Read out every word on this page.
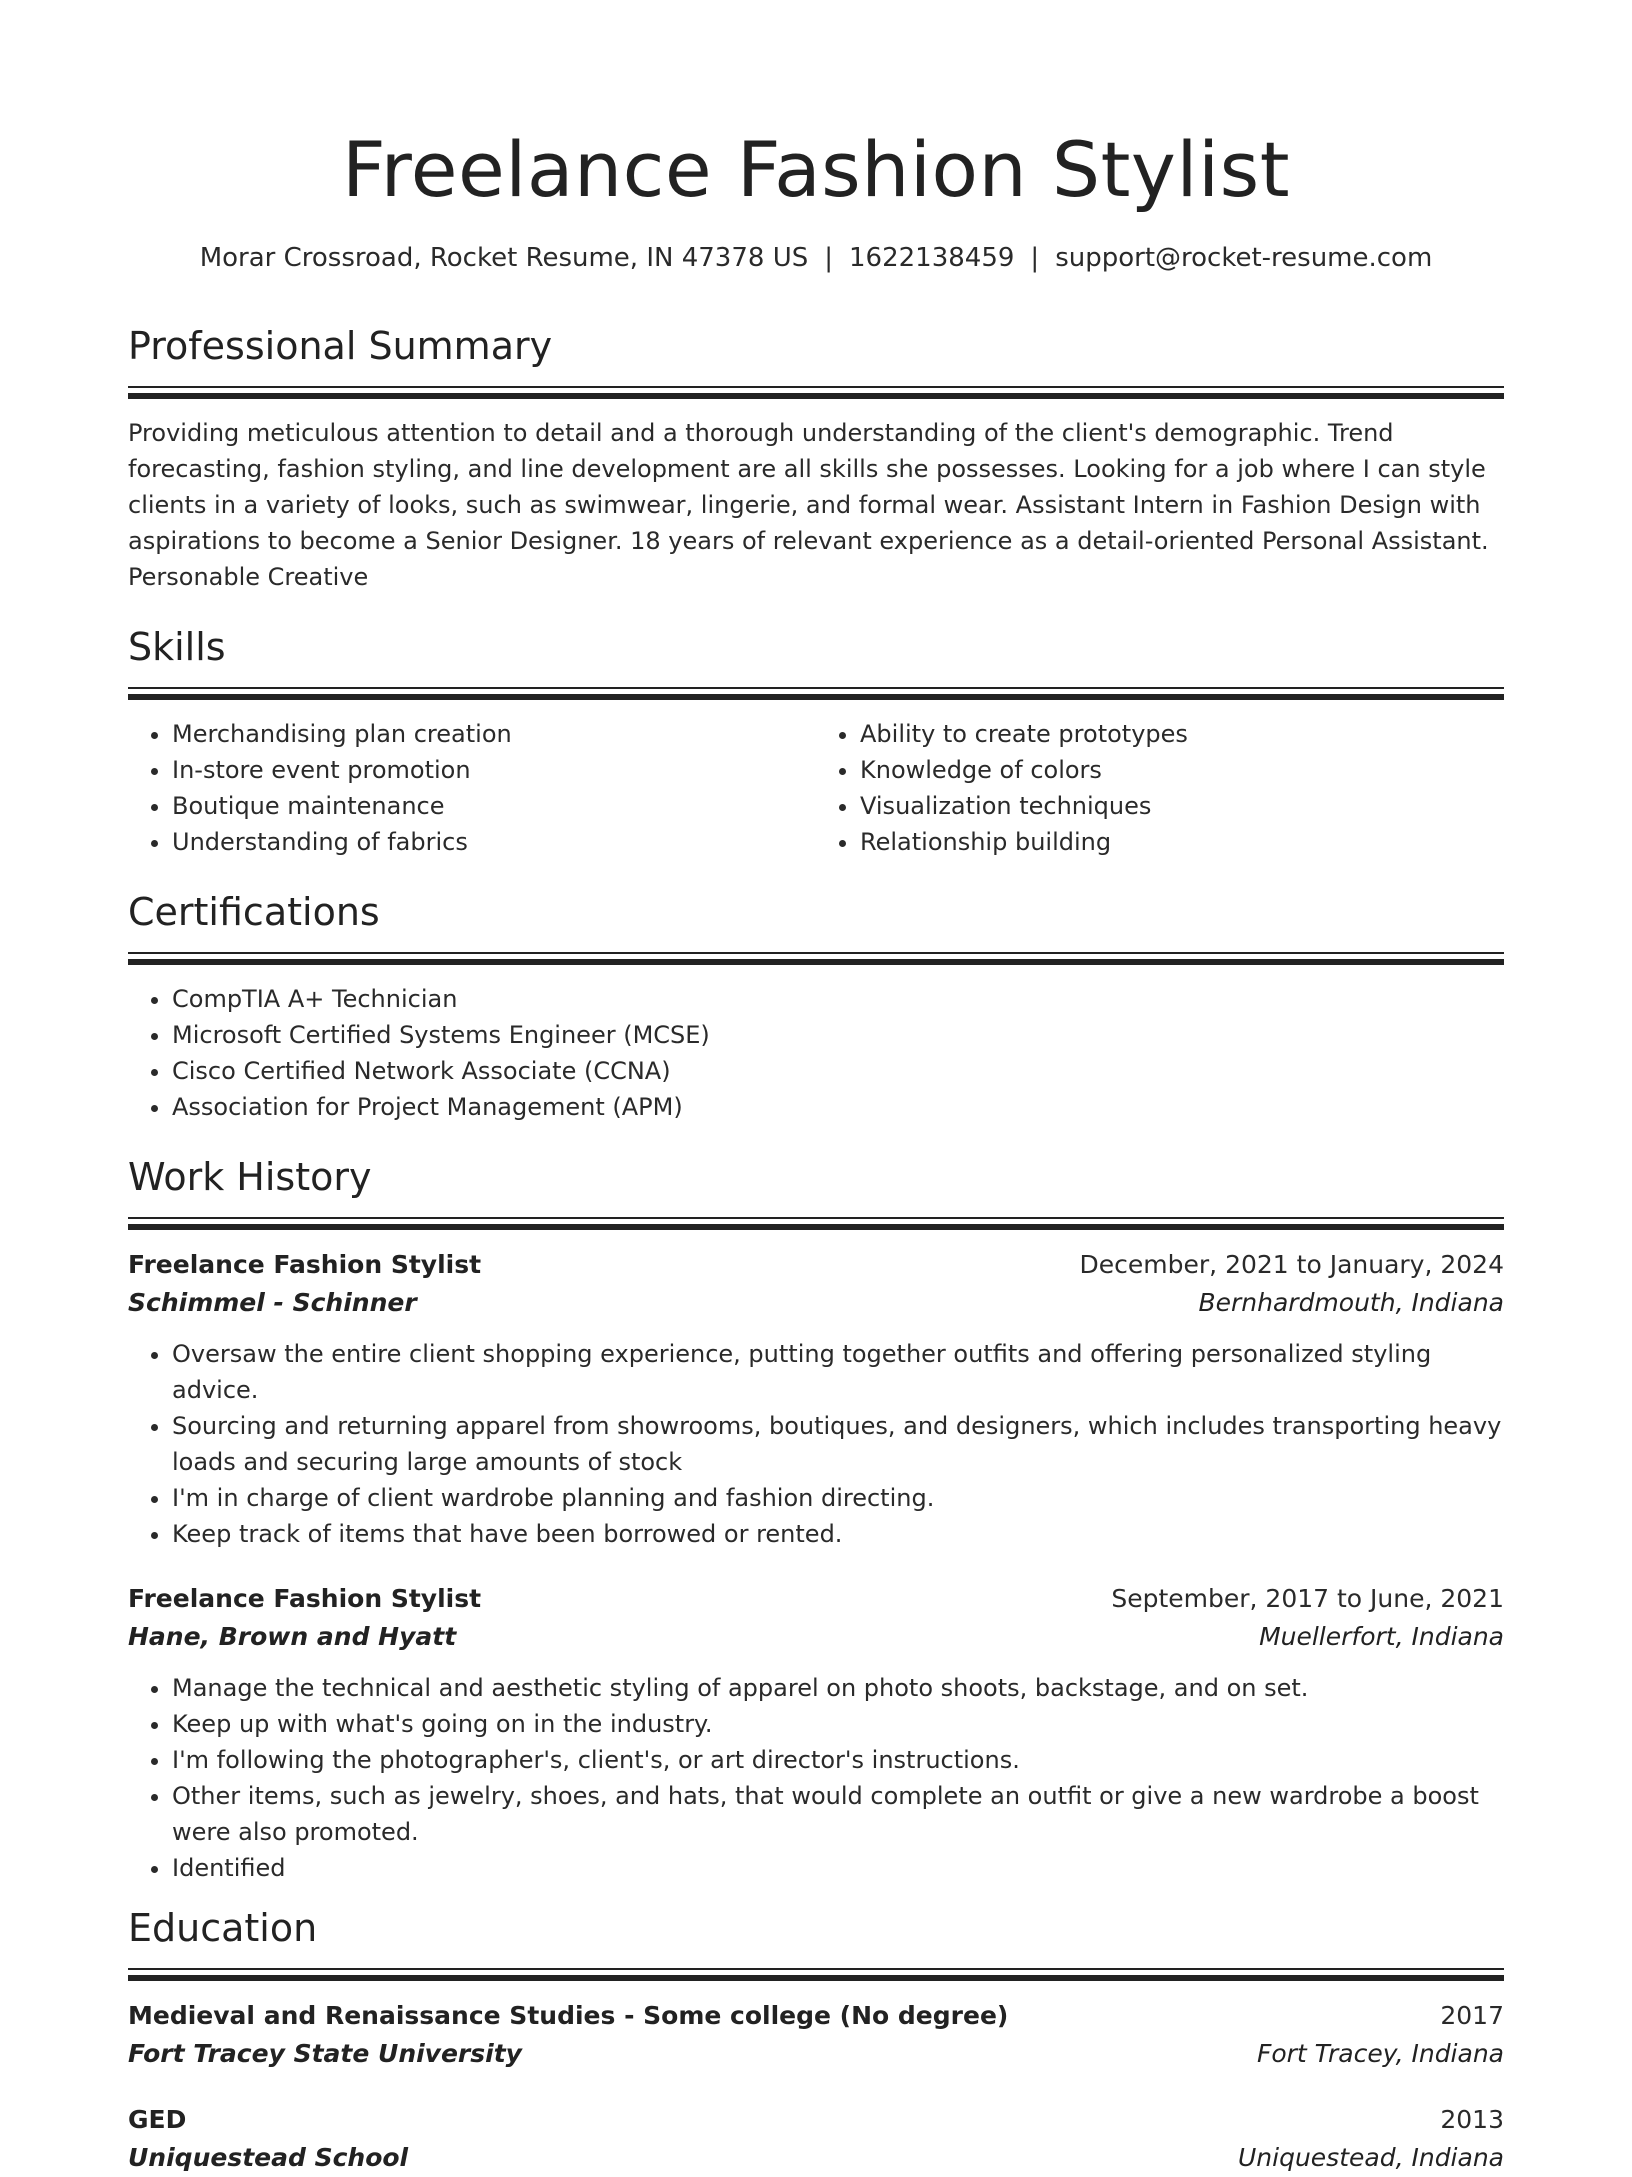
Freelance Fashion Stylist
Morar Crossroad, Rocket Resume, IN 47378 US | 1622138459 | support@rocket-resume.com
Professional Summary

Providing meticulous attention to detail and a thorough understanding of the client's demographic. Trend forecasting, fashion styling, and line development are all skills she possesses. Looking for a job where I can style clients in a variety of looks, such as swimwear, lingerie, and formal wear. Assistant Intern in Fashion Design with aspirations to become a Senior Designer. 18 years of relevant experience as a detail-oriented Personal Assistant. Personable Creative

Skills
• Merchandising plan creation
• In-store event promotion
• Boutique maintenance
• Understanding of fabrics
• Ability to create prototypes
• Knowledge of colors
• Visualization techniques
• Relationship building
Certifications
• CompTIA A+ Technician
• Microsoft Certified Systems Engineer (MCSE)
• Cisco Certified Network Associate (CCNA)
• Association for Project Management (APM)
Work History
Freelance Fashion Stylist	December, 2021 to January, 2024
Schimmel - Schinner	Bernhardmouth, Indiana
• Oversaw the entire client shopping experience, putting together outfits and offering personalized styling advice.
• Sourcing and returning apparel from showrooms, boutiques, and designers, which includes transporting heavy loads and securing large amounts of stock
• I'm in charge of client wardrobe planning and fashion directing.
• Keep track of items that have been borrowed or rented.
Freelance Fashion Stylist	September, 2017 to June, 2021
Hane, Brown and Hyatt	Muellerfort, Indiana
• Manage the technical and aesthetic styling of apparel on photo shoots, backstage, and on set.
• Keep up with what's going on in the industry.
• I'm following the photographer's, client's, or art director's instructions.
• Other items, such as jewelry, shoes, and hats, that would complete an outfit or give a new wardrobe a boost were also promoted.
• Identified
Education
Medieval and Renaissance Studies - Some college (No degree)	2017
Fort Tracey State University	Fort Tracey, Indiana
GED	2013
Uniquestead School	Uniquestead, Indiana
